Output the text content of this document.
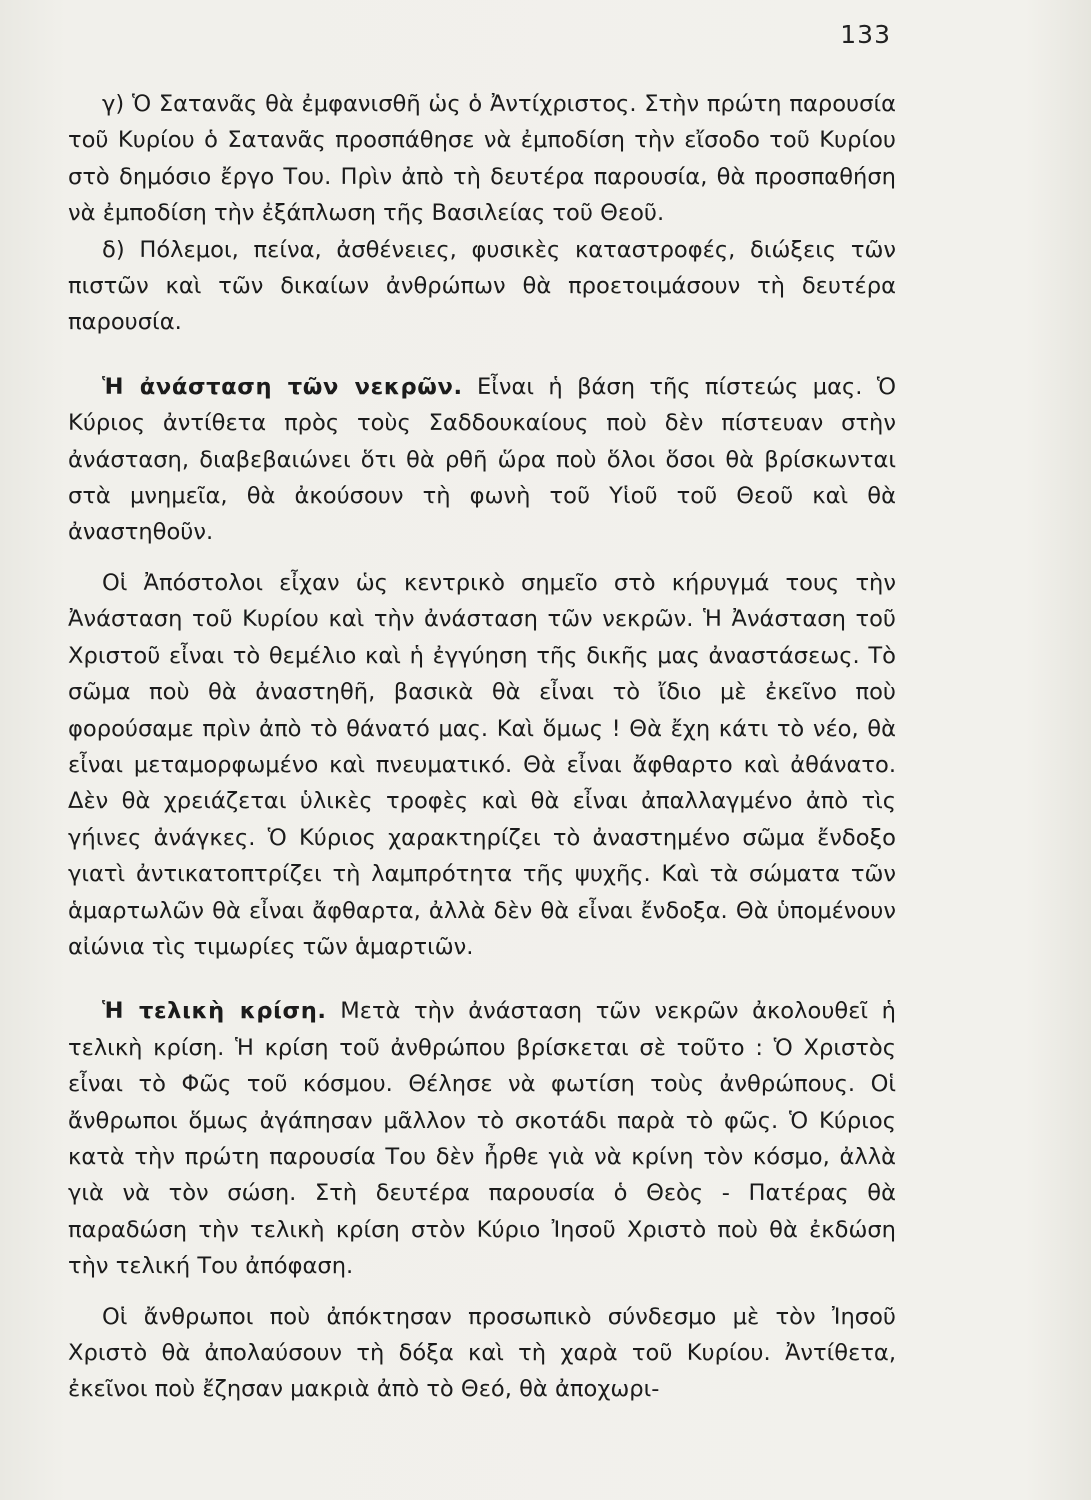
133

γ) Ὁ Σατανᾶς θὰ ἐμφανισθῆ ὡς ὁ Ἀντίχριστος. Στὴν πρώτη παρουσία τοῦ Κυρίου ὁ Σατανᾶς προσπάθησε νὰ ἐμποδίση τὴν εἴσοδο τοῦ Κυρίου στὸ δημόσιο ἔργο Του. Πρὶν ἀπὸ τὴ δευτέρα παρουσία, θὰ προσπαθήση νὰ ἐμποδίση τὴν ἐξάπλωση τῆς Βασιλείας τοῦ Θεοῦ.

δ) Πόλεμοι, πείνα, ἀσθένειες, φυσικὲς καταστροφές, διώξεις τῶν πιστῶν καὶ τῶν δικαίων ἀνθρώπων θὰ προετοιμάσουν τὴ δευτέρα παρουσία.

Ἡ ἀνάσταση τῶν νεκρῶν. Εἶναι ἡ βάση τῆς πίστεώς μας. Ὁ Κύριος ἀντίθετα πρὸς τοὺς Σαδδουκαίους ποὺ δὲν πίστευαν στὴν ἀνάσταση, διαβεβαιώνει ὅτι θὰ ρθῆ ὥρα ποὺ ὅλοι ὅσοι θὰ βρίσκωνται στὰ μνημεῖα, θὰ ἀκούσουν τὴ φωνὴ τοῦ Υἱοῦ τοῦ Θεοῦ καὶ θὰ ἀναστηθοῦν.

Οἱ Ἀπόστολοι εἶχαν ὡς κεντρικὸ σημεῖο στὸ κήρυγμά τους τὴν Ἀνάσταση τοῦ Κυρίου καὶ τὴν ἀνάσταση τῶν νεκρῶν. Ἡ Ἀνάσταση τοῦ Χριστοῦ εἶναι τὸ θεμέλιο καὶ ἡ ἐγγύηση τῆς δικῆς μας ἀναστάσεως. Τὸ σῶμα ποὺ θὰ ἀναστηθῆ, βασικὰ θὰ εἶναι τὸ ἴδιο μὲ ἐκεῖνο ποὺ φορούσαμε πρὶν ἀπὸ τὸ θάνατό μας. Καὶ ὅμως ! Θὰ ἔχη κάτι τὸ νέο, θὰ εἶναι μεταμορφωμένο καὶ πνευματικό. Θὰ εἶναι ἄφθαρτο καὶ ἀθάνατο. Δὲν θὰ χρειάζεται ὑλικὲς τροφὲς καὶ θὰ εἶναι ἀπαλλαγμένο ἀπὸ τὶς γήινες ἀνάγκες. Ὁ Κύριος χαρακτηρίζει τὸ ἀναστημένο σῶμα ἔνδοξο γιατὶ ἀντικατοπτρίζει τὴ λαμπρότητα τῆς ψυχῆς. Καὶ τὰ σώματα τῶν ἁμαρτωλῶν θὰ εἶναι ἄφθαρτα, ἀλλὰ δὲν θὰ εἶναι ἔνδοξα. Θὰ ὑπομένουν αἰώνια τὶς τιμωρίες τῶν ἁμαρτιῶν.

Ἡ τελικὴ κρίση. Μετὰ τὴν ἀνάσταση τῶν νεκρῶν ἀκολουθεῖ ἡ τελικὴ κρίση. Ἡ κρίση τοῦ ἀνθρώπου βρίσκεται σὲ τοῦτο : Ὁ Χριστὸς εἶναι τὸ Φῶς τοῦ κόσμου. Θέλησε νὰ φωτίση τοὺς ἀνθρώπους. Οἱ ἄνθρωποι ὅμως ἀγάπησαν μᾶλλον τὸ σκοτάδι παρὰ τὸ φῶς. Ὁ Κύριος κατὰ τὴν πρώτη παρουσία Του δὲν ἦρθε γιὰ νὰ κρίνη τὸν κόσμο, ἀλλὰ γιὰ νὰ τὸν σώση. Στὴ δευτέρα παρουσία ὁ Θεὸς - Πατέρας θὰ παραδώση τὴν τελικὴ κρίση στὸν Κύριο Ἰησοῦ Χριστὸ ποὺ θὰ ἐκδώση τὴν τελική Του ἀπόφαση.

Οἱ ἄνθρωποι ποὺ ἀπόκτησαν προσωπικὸ σύνδεσμο μὲ τὸν Ἰησοῦ Χριστὸ θὰ ἀπολαύσουν τὴ δόξα καὶ τὴ χαρὰ τοῦ Κυρίου. Ἀντίθετα, ἐκεῖνοι ποὺ ἔζησαν μακριὰ ἀπὸ τὸ Θεό, θὰ ἀποχωρι-
